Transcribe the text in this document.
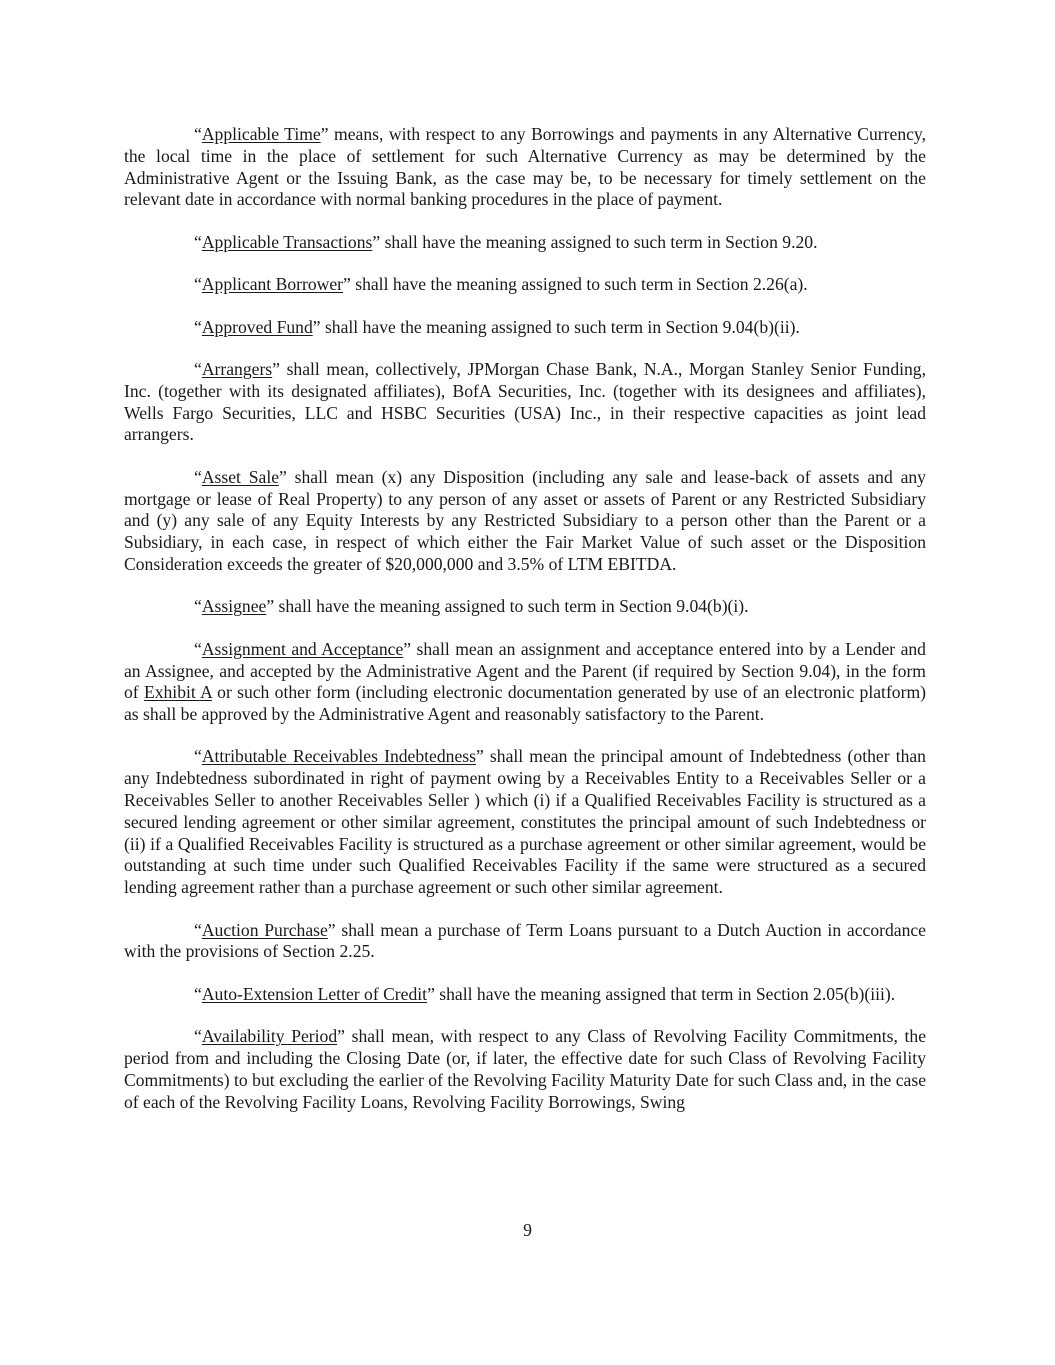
“Applicable Time” means, with respect to any Borrowings and payments in any Alternative Currency, the local time in the place of settlement for such Alternative Currency as may be determined by the Administrative Agent or the Issuing Bank, as the case may be, to be necessary for timely settlement on the relevant date in accordance with normal banking procedures in the place of payment.

“Applicable Transactions” shall have the meaning assigned to such term in Section 9.20.

“Applicant Borrower” shall have the meaning assigned to such term in Section 2.26(a).

“Approved Fund” shall have the meaning assigned to such term in Section 9.04(b)(ii).

“Arrangers” shall mean, collectively, JPMorgan Chase Bank, N.A., Morgan Stanley Senior Funding, Inc. (together with its designated affiliates), BofA Securities, Inc. (together with its designees and affiliates), Wells Fargo Securities, LLC and HSBC Securities (USA) Inc., in their respective capacities as joint lead arrangers.

“Asset Sale” shall mean (x) any Disposition (including any sale and lease-back of assets and any mortgage or lease of Real Property) to any person of any asset or assets of Parent or any Restricted Subsidiary and (y) any sale of any Equity Interests by any Restricted Subsidiary to a person other than the Parent or a Subsidiary, in each case, in respect of which either the Fair Market Value of such asset or the Disposition Consideration exceeds the greater of $20,000,000 and 3.5% of LTM EBITDA.

“Assignee” shall have the meaning assigned to such term in Section 9.04(b)(i).

“Assignment and Acceptance” shall mean an assignment and acceptance entered into by a Lender and an Assignee, and accepted by the Administrative Agent and the Parent (if required by Section 9.04), in the form of Exhibit A or such other form (including electronic documentation generated by use of an electronic platform) as shall be approved by the Administrative Agent and reasonably satisfactory to the Parent.

“Attributable Receivables Indebtedness” shall mean the principal amount of Indebtedness (other than any Indebtedness subordinated in right of payment owing by a Receivables Entity to a Receivables Seller or a Receivables Seller to another Receivables Seller ) which (i) if a Qualified Receivables Facility is structured as a secured lending agreement or other similar agreement, constitutes the principal amount of such Indebtedness or (ii) if a Qualified Receivables Facility is structured as a purchase agreement or other similar agreement, would be outstanding at such time under such Qualified Receivables Facility if the same were structured as a secured lending agreement rather than a purchase agreement or such other similar agreement.

“Auction Purchase” shall mean a purchase of Term Loans pursuant to a Dutch Auction in accordance with the provisions of Section 2.25.

“Auto-Extension Letter of Credit” shall have the meaning assigned that term in Section 2.05(b)(iii).

“Availability Period” shall mean, with respect to any Class of Revolving Facility Commitments, the period from and including the Closing Date (or, if later, the effective date for such Class of Revolving Facility Commitments) to but excluding the earlier of the Revolving Facility Maturity Date for such Class and, in the case of each of the Revolving Facility Loans, Revolving Facility Borrowings, Swing

9
